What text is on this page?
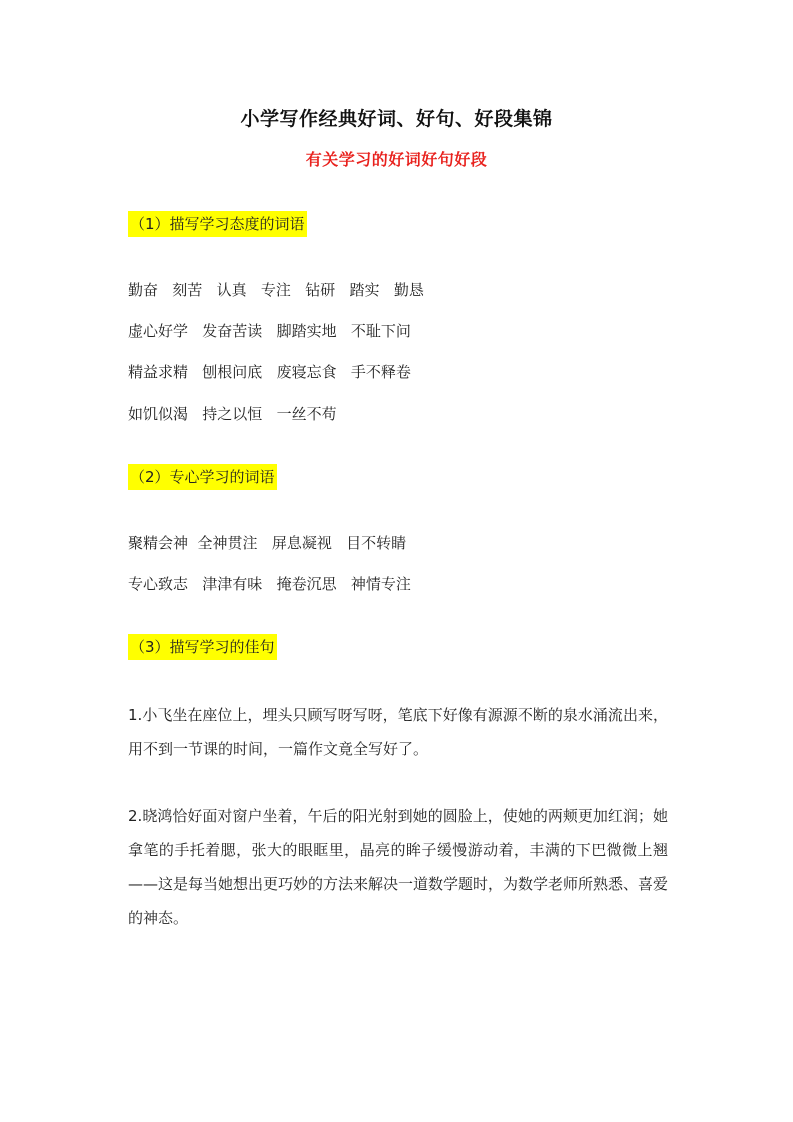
小学写作经典好词、好句、好段集锦
有关学习的好词好句好段
（1）描写学习态度的词语

勤奋   刻苦   认真   专注   钻研   踏实   勤恳

虚心好学   发奋苦读   脚踏实地   不耻下问

精益求精   刨根问底   废寝忘食   手不释卷

如饥似渴   持之以恒   一丝不苟

（2）专心学习的词语

聚精会神  全神贯注   屏息凝视   目不转睛

专心致志   津津有味   掩卷沉思   神情专注

（3）描写学习的佳句

1.小飞坐在座位上，埋头只顾写呀写呀，笔底下好像有源源不断的泉水涌流出来，用不到一节课的时间，一篇作文竟全写好了。

2.晓鸿恰好面对窗户坐着，午后的阳光射到她的圆脸上，使她的两颊更加红润；她拿笔的手托着腮，张大的眼眶里，晶亮的眸子缓慢游动着，丰满的下巴微微上翘——这是每当她想出更巧妙的方法来解决一道数学题时，为数学老师所熟悉、喜爱的神态。
